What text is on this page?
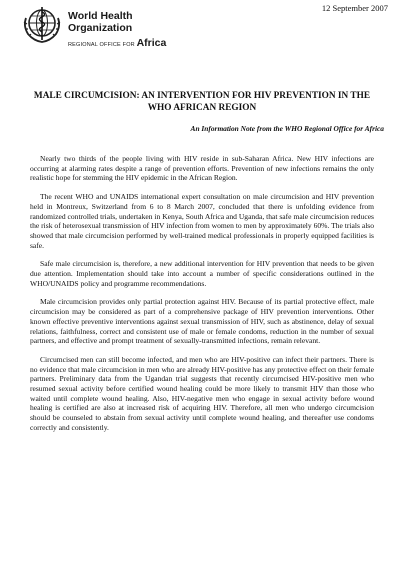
World Health Organization
REGIONAL OFFICE FOR Africa
12 September 2007
MALE CIRCUMCISION: AN INTERVENTION FOR HIV PREVENTION IN THE WHO AFRICAN REGION
An Information Note from the WHO Regional Office for Africa

Nearly two thirds of the people living with HIV reside in sub-Saharan Africa. New HIV infections are occurring at alarming rates despite a range of prevention efforts. Prevention of new infections remains the only realistic hope for stemming the HIV epidemic in the African Region.

The recent WHO and UNAIDS international expert consultation on male circumcision and HIV prevention held in Montreux, Switzerland from 6 to 8 March 2007, concluded that there is unfolding evidence from randomized controlled trials, undertaken in Kenya, South Africa and Uganda, that safe male circumcision reduces the risk of heterosexual transmission of HIV infection from women to men by approximately 60%. The trials also showed that male circumcision performed by well-trained medical professionals in properly equipped facilities is safe.

Safe male circumcision is, therefore, a new additional intervention for HIV prevention that needs to be given due attention. Implementation should take into account a number of specific considerations outlined in the WHO/UNAIDS policy and programme recommendations.

Male circumcision provides only partial protection against HIV. Because of its partial protective effect, male circumcision may be considered as part of a comprehensive package of HIV prevention interventions. Other known effective preventive interventions against sexual transmission of HIV, such as abstinence, delay of sexual relations, faithfulness, correct and consistent use of male or female condoms, reduction in the number of sexual partners, and effective and prompt treatment of sexually-transmitted infections, remain relevant.

Circumcised men can still become infected, and men who are HIV-positive can infect their partners. There is no evidence that male circumcision in men who are already HIV-positive has any protective effect on their female partners. Preliminary data from the Ugandan trial suggests that recently circumcised HIV-positive men who resumed sexual activity before certified wound healing could be more likely to transmit HIV than those who waited until complete wound healing. Also, HIV-negative men who engage in sexual activity before wound healing is certified are also at increased risk of acquiring HIV. Therefore, all men who undergo circumcision should be counseled to abstain from sexual activity until complete wound healing, and thereafter use condoms correctly and consistently.
